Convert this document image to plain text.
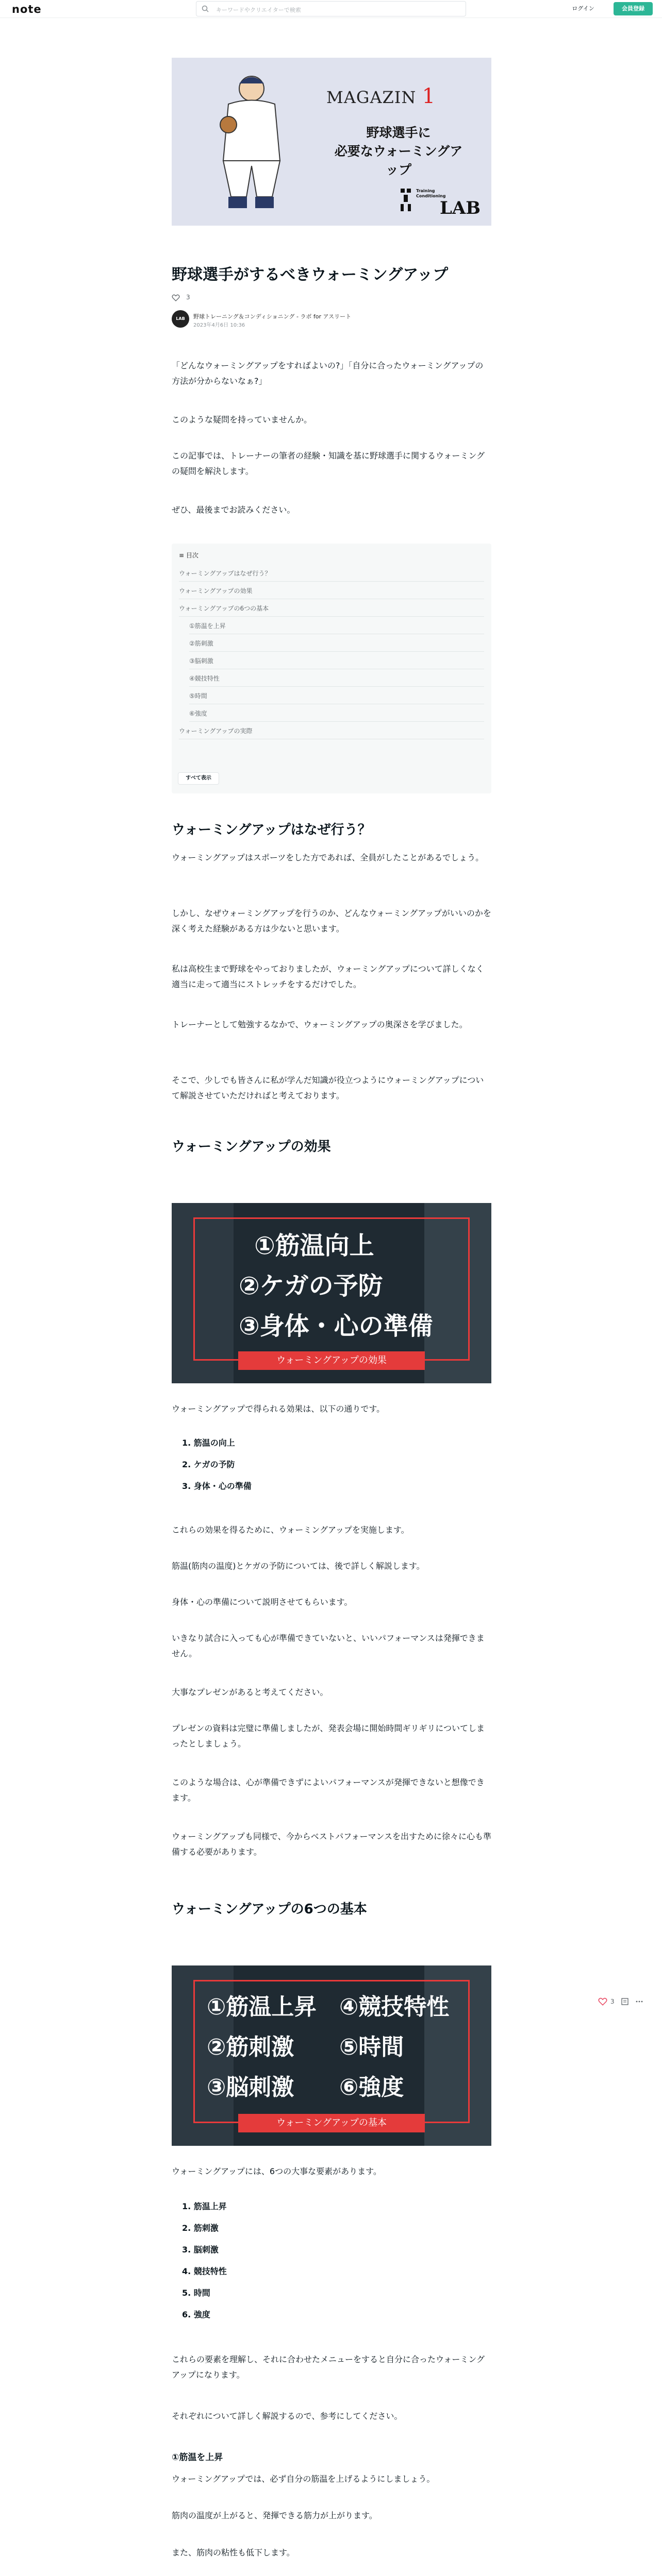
note	キーワードやクリエイターで検索	ログイン	会員登録
MAGAZIN 1
野球選手に
必要なウォーミングアップ
Training
Conditioning
LAB
野球選手がするべきウォーミングアップ
3
LAB	野球トレーニング＆コンディショニング - ラボ for アスリート
2023年4月6日 10:36

「どんなウォーミングアップをすればよいの?」「自分に合ったウォーミングアップの方法が分からないなぁ?」

このような疑問を持っていませんか。

この記事では、トレーナーの筆者の経験・知識を基に野球選手に関するウォーミングの疑問を解決します。

ぜひ、最後までお読みください。

≡ 目次
ウォーミングアップはなぜ行う？
ウォーミングアップの効果
ウォーミングアップの6つの基本
①筋温を上昇
②筋刺激
③脳刺激
④競技特性
⑤時間
⑥強度
ウォーミングアップの実際
すべて表示
ウォーミングアップはなぜ行う？

ウォーミングアップはスポーツをした方であれば、全員がしたことがあるでしょう。

しかし、なぜウォーミングアップを行うのか、どんなウォーミングアップがいいのかを深く考えた経験がある方は少ないと思います。

私は高校生まで野球をやっておりましたが、ウォーミングアップについて詳しくなく適当に走って適当にストレッチをするだけでした。

トレーナーとして勉強するなかで、ウォーミングアップの奥深さを学びました。

そこで、少しでも皆さんに私が学んだ知識が役立つようにウォーミングアップについて解説させていただければと考えております。

ウォーミングアップの効果
①筋温向上
②ケガの予防
③身体・心の準備
ウォーミングアップの効果

ウォーミングアップで得られる効果は、以下の通りです。

1. 筋温の向上
2. ケガの予防
3. 身体・心の準備

これらの効果を得るために、ウォーミングアップを実施します。

筋温(筋肉の温度)とケガの予防については、後で詳しく解説します。

身体・心の準備について説明させてもらいます。

いきなり試合に入っても心が準備できていないと、いいパフォーマンスは発揮できません。

大事なプレゼンがあると考えてください。

プレゼンの資料は完璧に準備しましたが、発表会場に開始時間ギリギリについてしまったとしましょう。

このような場合は、心が準備できずによいパフォーマンスが発揮できないと想像できます。

ウォーミングアップも同様で、今からベストパフォーマンスを出すために徐々に心も準備する必要があります。

ウォーミングアップの6つの基本
①筋温上昇
②筋刺激
③脳刺激
④競技特性
⑤時間
⑥強度
ウォーミングアップの基本

ウォーミングアップには、6つの大事な要素があります。

1. 筋温上昇
2. 筋刺激
3. 脳刺激
4. 競技特性
5. 時間
6. 強度

これらの要素を理解し、それに合わせたメニューをすると自分に合ったウォーミングアップになります。

それぞれについて詳しく解説するので、参考にしてください。

①筋温を上昇

ウォーミングアップでは、必ず自分の筋温を上げるようにしましょう。

筋肉の温度が上がると、発揮できる筋力が上がります。

また、筋肉の粘性も低下します。

3
